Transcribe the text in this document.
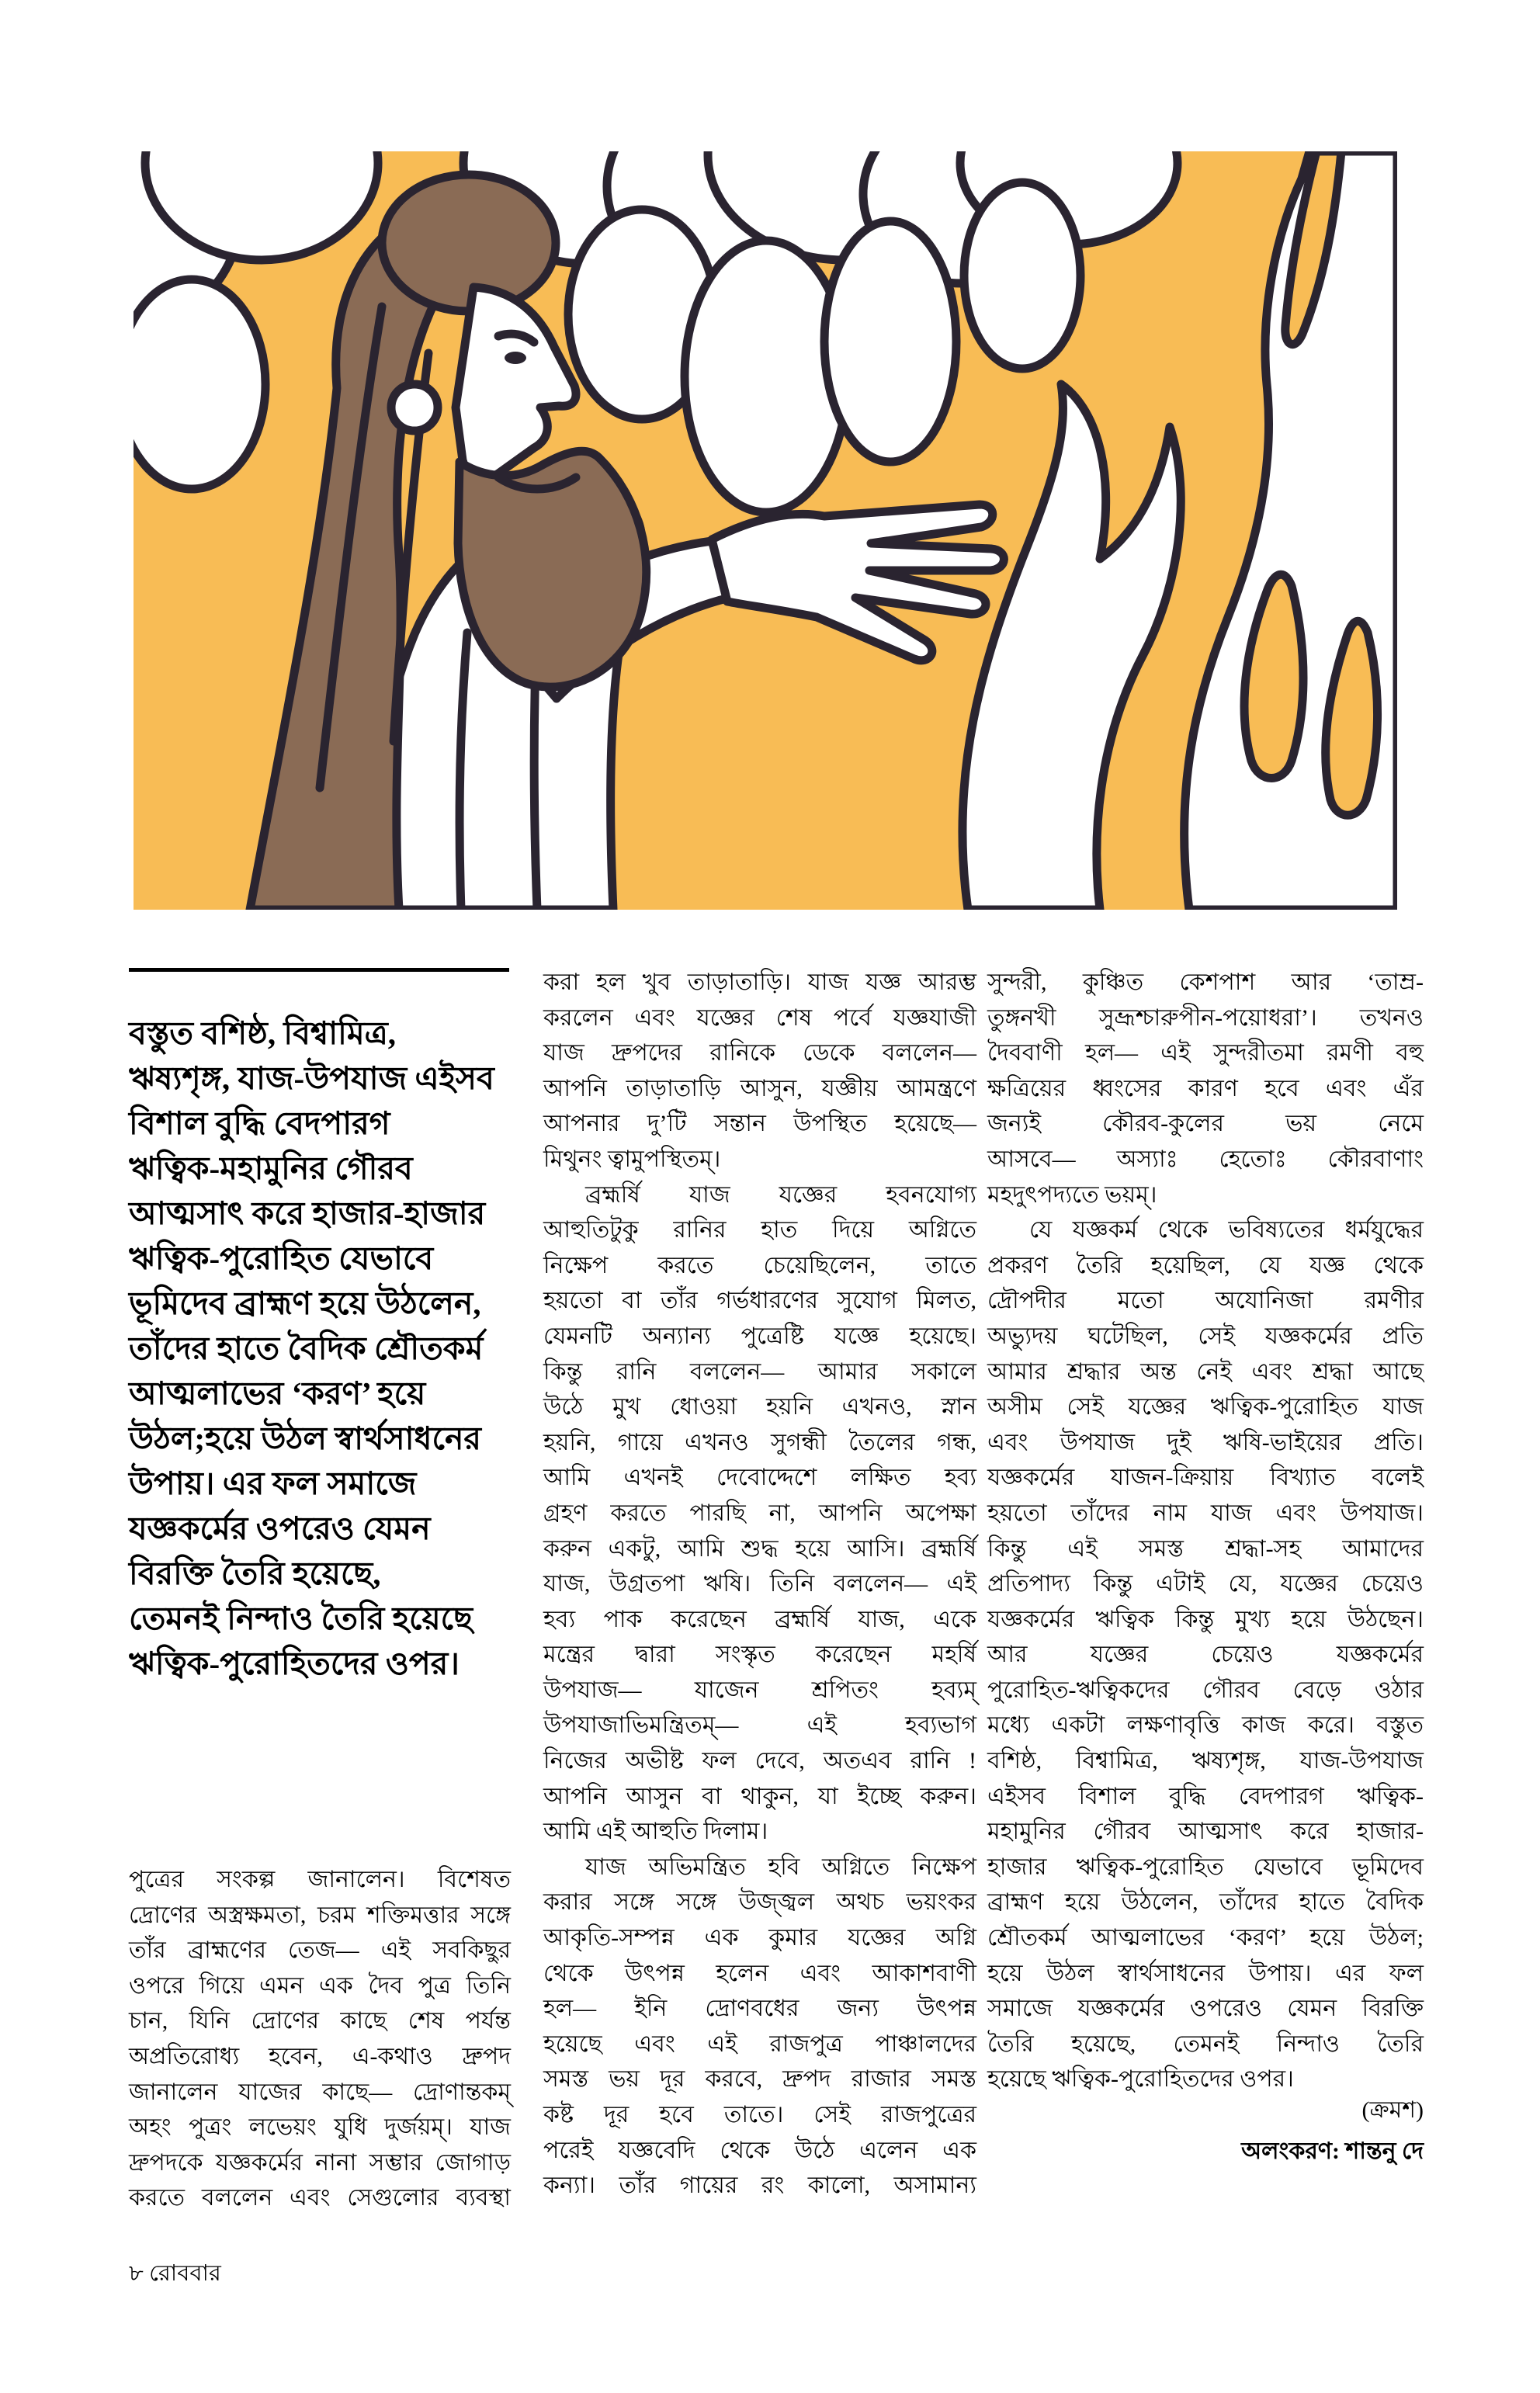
বস্তুত বশিষ্ঠ, বিশ্বামিত্র,
ঋষ্যশৃঙ্গ, যাজ-উপযাজ এইসব
বিশাল বুদ্ধি বেদপারগ
ঋত্বিক-মহামুনির গৌরব
আত্মসাৎ করে হাজার-হাজার
ঋত্বিক-পুরোহিত যেভাবে
ভূমিদেব ব্রাহ্মণ হয়ে উঠলেন,
তাঁদের হাতে বৈদিক শ্রৌতকর্ম
আত্মলাভের ‘করণ’ হয়ে
উঠল;হয়ে উঠল স্বার্থসাধনের
উপায়। এর ফল সমাজে
যজ্ঞকর্মের ওপরেও যেমন
বিরক্তি তৈরি হয়েছে,
তেমনই নিন্দাও তৈরি হয়েছে
ঋত্বিক-পুরোহিতদের ওপর।
পুত্রের সংকল্প জানালেন। বিশেষত
দ্রোণের অস্ত্রক্ষমতা, চরম শক্তিমত্তার সঙ্গে
তাঁর ব্রাহ্মণের তেজ— এই সবকিছুর
ওপরে গিয়ে এমন এক দৈব পুত্র তিনি
চান, যিনি দ্রোণের কাছে শেষ পর্যন্ত
অপ্রতিরোধ্য হবেন, এ-কথাও দ্রুপদ
জানালেন যাজের কাছে— দ্রোণান্তকম্
অহং পুত্রং লভেয়ং যুধি দুর্জয়ম্। যাজ
দ্রুপদকে যজ্ঞকর্মের নানা সম্ভার জোগাড়
করতে বললেন এবং সেগুলোর ব্যবস্থা
করা হল খুব তাড়াতাড়ি। যাজ যজ্ঞ আরম্ভ
করলেন এবং যজ্ঞের শেষ পর্বে যজ্ঞযাজী
যাজ দ্রুপদের রানিকে ডেকে বললেন—
আপনি তাড়াতাড়ি আসুন, যজ্ঞীয় আমন্ত্রণে
আপনার দু’টি সন্তান উপস্থিত হয়েছে—
মিথুনং ত্বামুপস্থিতম্।
ব্রহ্মর্ষি যাজ যজ্ঞের হবনযোগ্য
আহুতিটুকু রানির হাত দিয়ে অগ্নিতে
নিক্ষেপ করতে চেয়েছিলেন, তাতে
হয়তো বা তাঁর গর্ভধারণের সুযোগ মিলত,
যেমনটি অন্যান্য পুত্রেষ্টি যজ্ঞে হয়েছে।
কিন্তু রানি বললেন— আমার সকালে
উঠে মুখ ধোওয়া হয়নি এখনও, স্নান
হয়নি, গায়ে এখনও সুগন্ধী তৈলের গন্ধ,
আমি এখনই দেবোদ্দেশে লক্ষিত হব্য
গ্রহণ করতে পারছি না, আপনি অপেক্ষা
করুন একটু, আমি শুদ্ধ হয়ে আসি। ব্রহ্মর্ষি
যাজ, উগ্রতপা ঋষি। তিনি বললেন— এই
হব্য পাক করেছেন ব্রহ্মর্ষি যাজ, একে
মন্ত্রের দ্বারা সংস্কৃত করেছেন মহর্ষি
উপযাজ— যাজেন শ্রপিতং হব্যম্
উপযাজাভিমন্ত্রিতম্— এই হব্যভাগ
নিজের অভীষ্ট ফল দেবে, অতএব রানি !
আপনি আসুন বা থাকুন, যা ইচ্ছে করুন।
আমি এই আহুতি দিলাম।
যাজ অভিমন্ত্রিত হবি অগ্নিতে নিক্ষেপ
করার সঙ্গে সঙ্গে উজ্জ্বল অথচ ভয়ংকর
আকৃতি-সম্পন্ন এক কুমার যজ্ঞের অগ্নি
থেকে উৎপন্ন হলেন এবং আকাশবাণী
হল— ইনি দ্রোণবধের জন্য উৎপন্ন
হয়েছে এবং এই রাজপুত্র পাঞ্চালদের
সমস্ত ভয় দূর করবে, দ্রুপদ রাজার সমস্ত
কষ্ট দূর হবে তাতে। সেই রাজপুত্রের
পরেই যজ্ঞবেদি থেকে উঠে এলেন এক
কন্যা। তাঁর গায়ের রং কালো, অসামান্য
সুন্দরী, কুঞ্চিত কেশপাশ আর ‘তাম্র-
তুঙ্গনখী সুভ্রূশ্চারুপীন-পয়োধরা’। তখনও
দৈববাণী হল— এই সুন্দরীতমা রমণী বহু
ক্ষত্রিয়ের ধ্বংসের কারণ হবে এবং এঁর
জন্যই কৌরব-কুলের ভয় নেমে
আসবে— অস্যাঃ হেতোঃ কৌরবাণাং
মহদুৎপদ্যতে ভয়ম্।
যে যজ্ঞকর্ম থেকে ভবিষ্যতের ধর্মযুদ্ধের
প্রকরণ তৈরি হয়েছিল, যে যজ্ঞ থেকে
দ্রৌপদীর মতো অযোনিজা রমণীর
অভ্যুদয় ঘটেছিল, সেই যজ্ঞকর্মের প্রতি
আমার শ্রদ্ধার অন্ত নেই এবং শ্রদ্ধা আছে
অসীম সেই যজ্ঞের ঋত্বিক-পুরোহিত যাজ
এবং উপযাজ দুই ঋষি-ভাইয়ের প্রতি।
যজ্ঞকর্মের যাজন-ক্রিয়ায় বিখ্যাত বলেই
হয়তো তাঁদের নাম যাজ এবং উপযাজ।
কিন্তু এই সমস্ত শ্রদ্ধা-সহ আমাদের
প্রতিপাদ্য কিন্তু এটাই যে, যজ্ঞের চেয়েও
যজ্ঞকর্মের ঋত্বিক কিন্তু মুখ্য হয়ে উঠছেন।
আর যজ্ঞের চেয়েও যজ্ঞকর্মের
পুরোহিত-ঋত্বিকদের গৌরব বেড়ে ওঠার
মধ্যে একটা লক্ষণাবৃত্তি কাজ করে। বস্তুত
বশিষ্ঠ, বিশ্বামিত্র, ঋষ্যশৃঙ্গ, যাজ-উপযাজ
এইসব বিশাল বুদ্ধি বেদপারগ ঋত্বিক-
মহামুনির গৌরব আত্মসাৎ করে হাজার-
হাজার ঋত্বিক-পুরোহিত যেভাবে ভূমিদেব
ব্রাহ্মণ হয়ে উঠলেন, তাঁদের হাতে বৈদিক
শ্রৌতকর্ম আত্মলাভের ‘করণ’ হয়ে উঠল;
হয়ে উঠল স্বার্থসাধনের উপায়। এর ফল
সমাজে যজ্ঞকর্মের ওপরেও যেমন বিরক্তি
তৈরি হয়েছে, তেমনই নিন্দাও তৈরি
হয়েছে ঋত্বিক-পুরোহিতদের ওপর।
(ক্রমশ)
অলংকরণ: শান্তনু দে
৮ রোববার
